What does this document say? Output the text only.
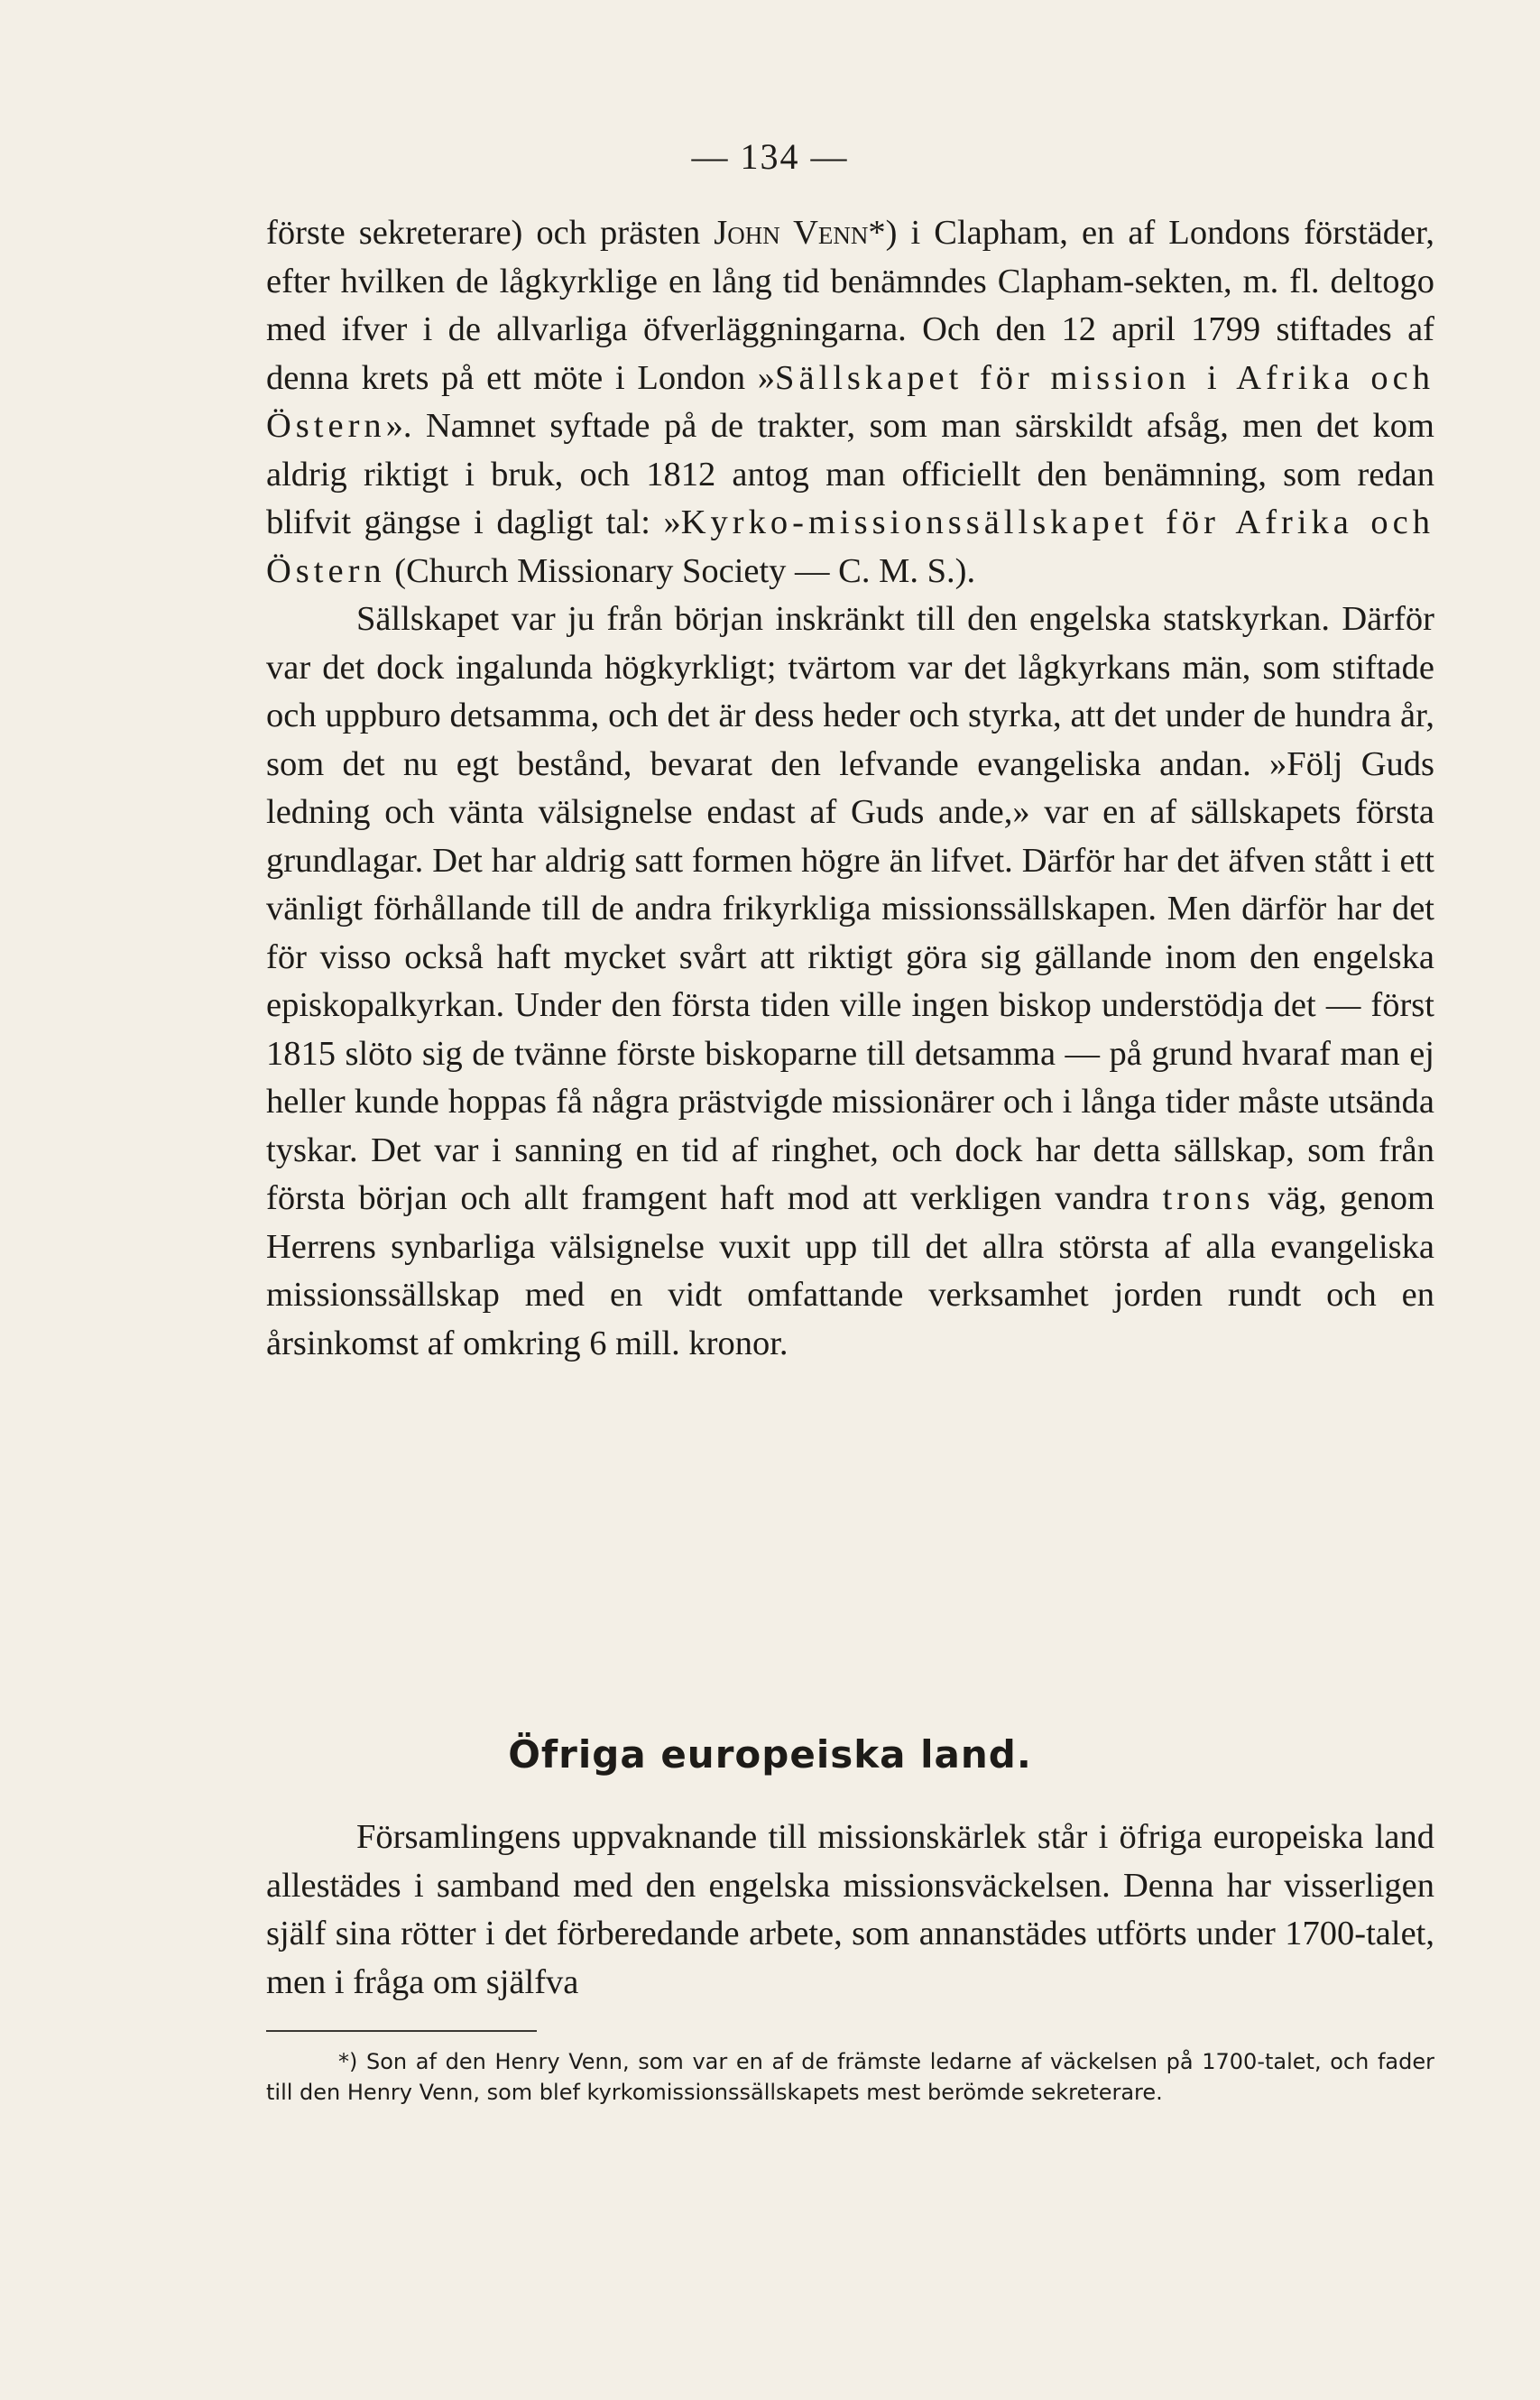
— 134 —

förste sekreterare) och prästen John Venn*) i Clapham, en af Londons förstäder, efter hvilken de lågkyrklige en lång tid benämndes Clapham-sekten, m. fl. deltogo med ifver i de allvarliga öfverläggningarna. Och den 12 april 1799 stiftades af denna krets på ett möte i London »Sällskapet för mission i Afrika och Östern». Namnet syftade på de trakter, som man särskildt afsåg, men det kom aldrig riktigt i bruk, och 1812 antog man officiellt den benämning, som redan blifvit gängse i dagligt tal: »Kyrko-missionssällskapet för Afrika och Östern (Church Missionary Society — C. M. S.).

Sällskapet var ju från början inskränkt till den engelska statskyrkan. Därför var det dock ingalunda högkyrkligt; tvärtom var det lågkyrkans män, som stiftade och uppburo detsamma, och det är dess heder och styrka, att det under de hundra år, som det nu egt bestånd, bevarat den lefvande evangeliska andan. »Följ Guds ledning och vänta välsignelse endast af Guds ande,» var en af sällskapets första grundlagar. Det har aldrig satt formen högre än lifvet. Därför har det äfven stått i ett vänligt förhållande till de andra frikyrkliga missionssällskapen. Men därför har det för visso också haft mycket svårt att riktigt göra sig gällande inom den engelska episkopalkyrkan. Under den första tiden ville ingen biskop understödja det — först 1815 slöto sig de tvänne förste biskoparne till detsamma — på grund hvaraf man ej heller kunde hoppas få några prästvigde missionärer och i långa tider måste utsända tyskar. Det var i sanning en tid af ringhet, och dock har detta sällskap, som från första början och allt framgent haft mod att verkligen vandra trons väg, genom Herrens synbarliga välsignelse vuxit upp till det allra största af alla evangeliska missionssällskap med en vidt omfattande verksamhet jorden rundt och en årsinkomst af omkring 6 mill. kronor.

Öfriga europeiska land.

Församlingens uppvaknande till missionskärlek står i öfriga europeiska land allestädes i samband med den engelska missionsväckelsen. Denna har visserligen själf sina rötter i det förberedande arbete, som annanstädes utförts under 1700-talet, men i fråga om själfva

*) Son af den Henry Venn, som var en af de främste ledarne af väckelsen på 1700-talet, och fader till den Henry Venn, som blef kyrkomissionssällskapets mest berömde sekreterare.
